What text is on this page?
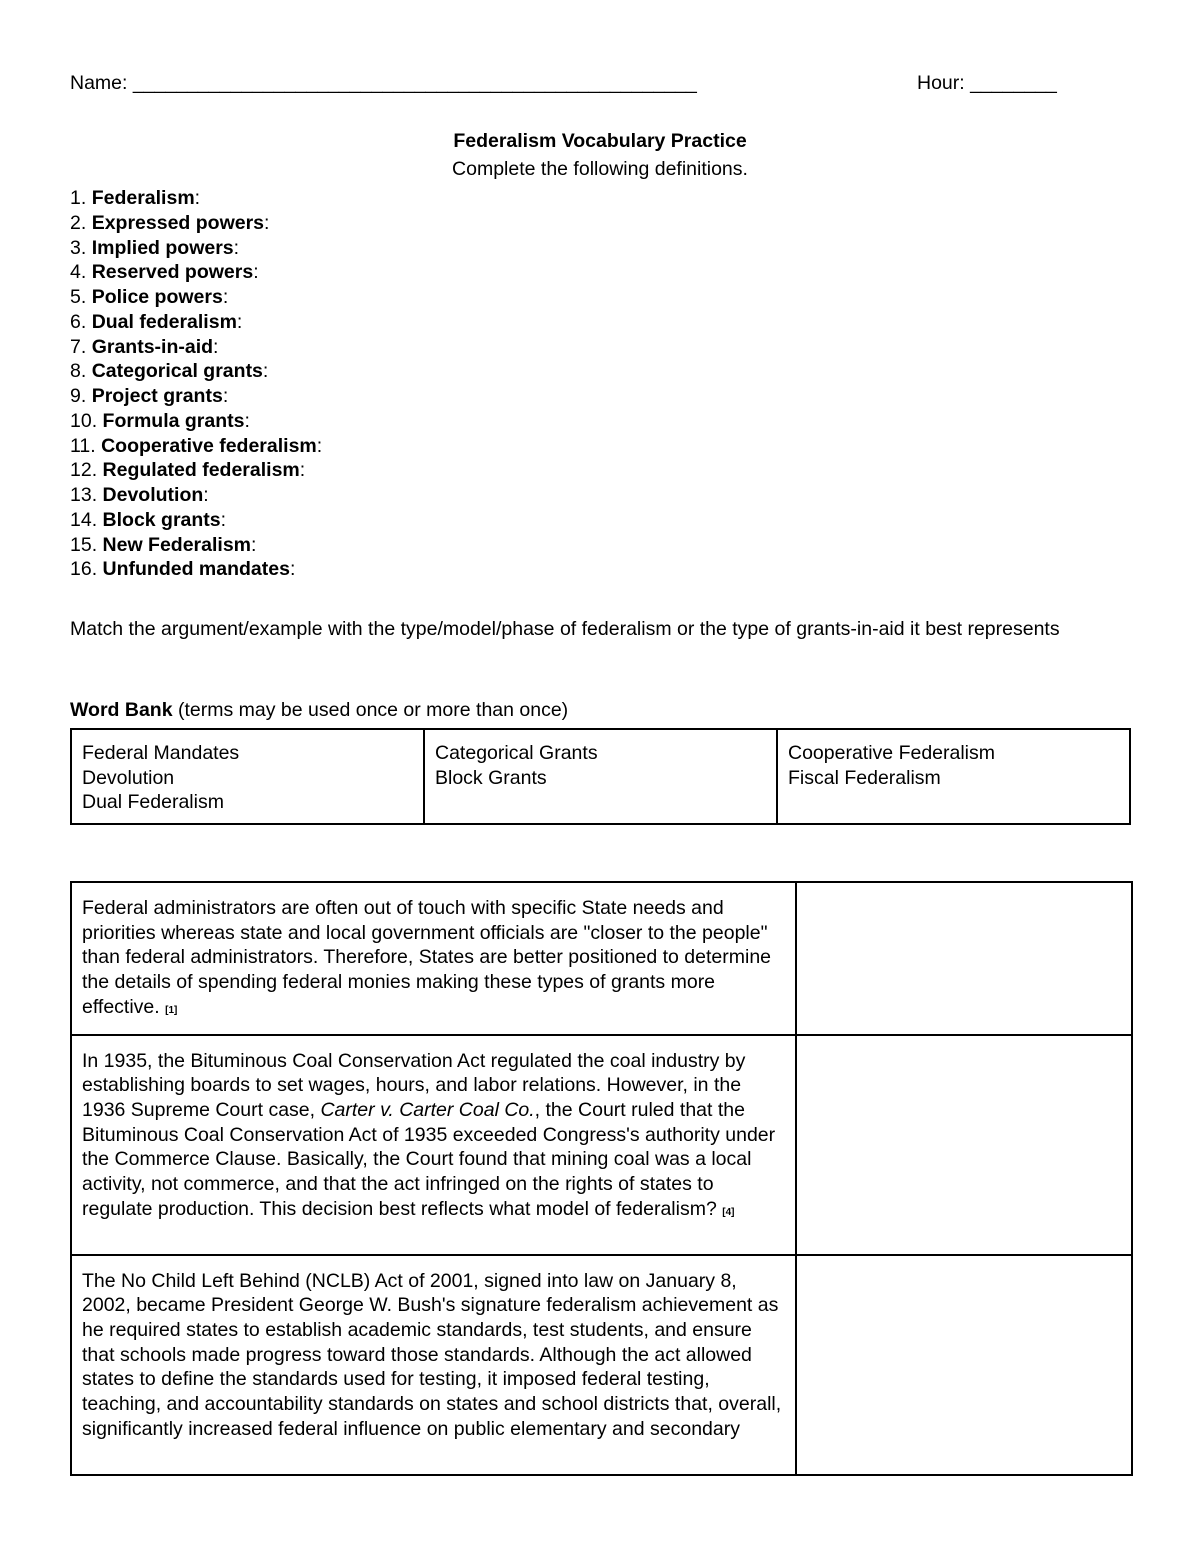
Name: ____________________________________________________	Hour: ________
Federalism Vocabulary Practice
Complete the following definitions.
1. Federalism:
2. Expressed powers:
3. Implied powers:
4. Reserved powers:
5. Police powers:
6. Dual federalism:
7. Grants-in-aid:
8. Categorical grants:
9. Project grants:
10. Formula grants:
11. Cooperative federalism:
12. Regulated federalism:
13. Devolution:
14. Block grants:
15. New Federalism:
16. Unfunded mandates:
Match the argument/example with the type/model/phase of federalism or the type of grants-in-aid it best represents
Word Bank (terms may be used once or more than once)
Federal Mandates
Devolution
Dual Federalism

Categorical Grants
Block Grants

Cooperative Federalism
Fiscal Federalism
Federal administrators are often out of touch with specific State needs and priorities whereas state and local government officials are "closer to the people" than federal administrators. Therefore, States are better positioned to determine the details of spending federal monies making these types of grants more effective. [1]	
In 1935, the Bituminous Coal Conservation Act regulated the coal industry by establishing boards to set wages, hours, and labor relations. However, in the 1936 Supreme Court case, Carter v. Carter Coal Co., the Court ruled that the Bituminous Coal Conservation Act of 1935 exceeded Congress's authority under the Commerce Clause. Basically, the Court found that mining coal was a local activity, not commerce, and that the act infringed on the rights of states to regulate production. This decision best reflects what model of federalism? [4]	
The No Child Left Behind (NCLB) Act of 2001, signed into law on January 8, 2002, became President George W. Bush's signature federalism achievement as he required states to establish academic standards, test students, and ensure that schools made progress toward those standards. Although the act allowed states to define the standards used for testing, it imposed federal testing, teaching, and accountability standards on states and school districts that, overall, significantly increased federal influence on public elementary and secondary	
